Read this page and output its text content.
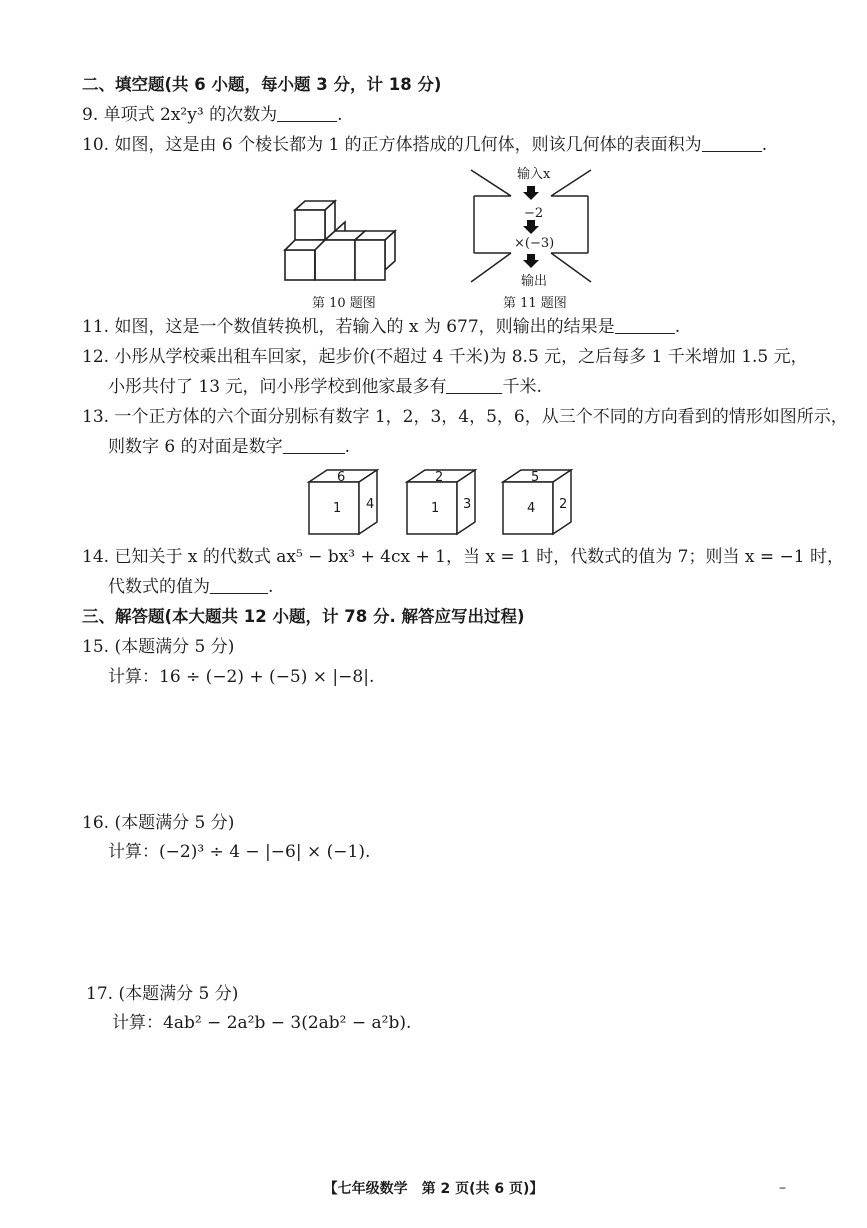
二、填空题(共 6 小题，每小题 3 分，计 18 分)
9. 单项式 2x²y³ 的次数为	.
10. 如图，这是由 6 个棱长都为 1 的正方体搭成的几何体，则该几何体的表面积为	.
第 10 题图
输入x
−2
×(−3)
输出
第 11 题图
11. 如图，这是一个数值转换机，若输入的 x 为 677，则输出的结果是	.
12. 小彤从学校乘出租车回家，起步价(不超过 4 千米)为 8.5 元，之后每多 1 千米增加 1.5 元，
小彤共付了 13 元，问小彤学校到他家最多有	千米.
13. 一个正方体的六个面分别标有数字 1，2，3，4，5，6，从三个不同的方向看到的情形如图所示，
则数字 6 的对面是数字	.
6
1 4
2
1 3
5
4 2
14. 已知关于 x 的代数式 ax⁵ − bx³ + 4cx + 1，当 x = 1 时，代数式的值为 7；则当 x = −1 时，
代数式的值为	.
三、解答题(本大题共 12 小题，计 78 分. 解答应写出过程)
15. (本题满分 5 分)
计算：16 ÷ (−2) + (−5) × |−8|.
16. (本题满分 5 分)
计算：(−2)³ ÷ 4 − |−6| × (−1).
17. (本题满分 5 分)
计算：4ab² − 2a²b − 3(2ab² − a²b).
【七年级数学　第 2 页(共 6 页)】	–
